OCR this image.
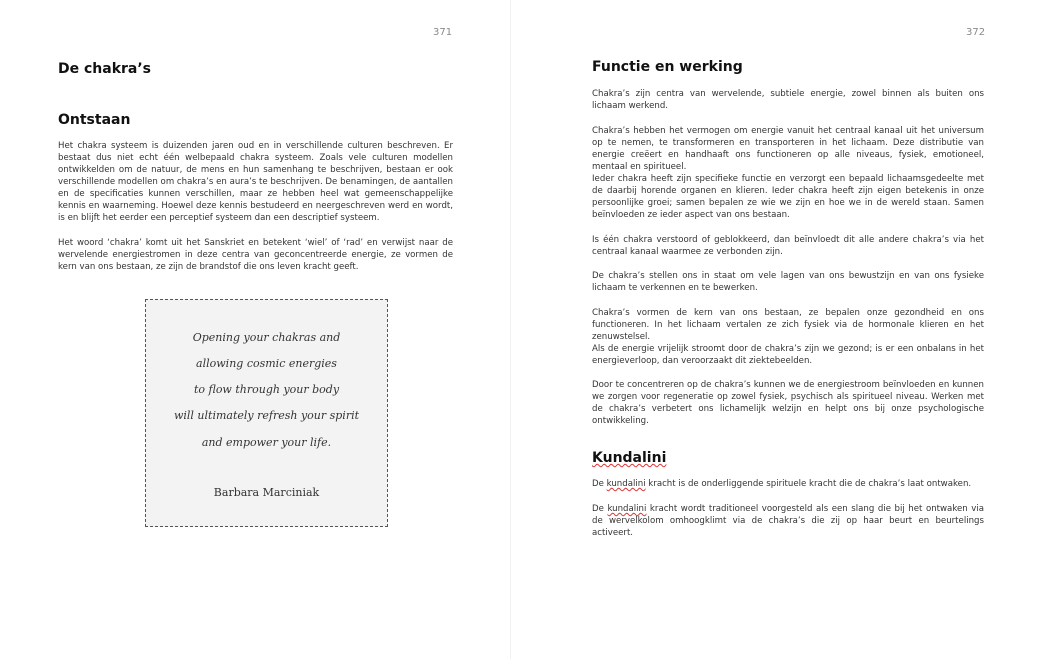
371
De chakra’s
Ontstaan

Het chakra systeem is duizenden jaren oud en in verschillende culturen beschreven. Er bestaat dus niet echt één welbepaald chakra systeem. Zoals vele culturen modellen ontwikkelden om de natuur, de mens en hun samenhang te beschrijven, bestaan er ook verschillende modellen om chakra’s en aura’s te beschrijven. De benamingen, de aantallen en de specificaties kunnen verschillen, maar ze hebben heel wat gemeenschappelijke kennis en waarneming. Hoewel deze kennis bestudeerd en neergeschreven werd en wordt, is en blijft het eerder een perceptief systeem dan een descriptief systeem.

Het woord ‘chakra’ komt uit het Sanskriet en betekent ‘wiel’ of ‘rad’ en verwijst naar de wervelende energiestromen in deze centra van geconcentreerde energie, ze vormen de kern van ons bestaan, ze zijn de brandstof die ons leven kracht geeft.

Opening your chakras and
allowing cosmic energies
to flow through your body
will ultimately refresh your spirit
and empower your life.
Barbara Marciniak
372
Functie en werking

Chakra’s zijn centra van wervelende, subtiele energie, zowel binnen als buiten ons lichaam werkend.

Chakra’s hebben het vermogen om energie vanuit het centraal kanaal uit het universum op te nemen, te transformeren en transporteren in het lichaam. Deze distributie van energie creëert en handhaaft ons functioneren op alle niveaus, fysiek, emotioneel, mentaal en spiritueel.

Ieder chakra heeft zijn specifieke functie en verzorgt een bepaald lichaamsgedeelte met de daarbij horende organen en klieren. Ieder chakra heeft zijn eigen betekenis in onze persoonlijke groei; samen bepalen ze wie we zijn en hoe we in de wereld staan. Samen beïnvloeden ze ieder aspect van ons bestaan.

Is één chakra verstoord of geblokkeerd, dan beïnvloedt dit alle andere chakra’s via het centraal kanaal waarmee ze verbonden zijn.

De chakra’s stellen ons in staat om vele lagen van ons bewustzijn en van ons fysieke lichaam te verkennen en te bewerken.

Chakra’s vormen de kern van ons bestaan, ze bepalen onze gezondheid en ons functioneren. In het lichaam vertalen ze zich fysiek via de hormonale klieren en het zenuwstelsel.

Als de energie vrijelijk stroomt door de chakra’s zijn we gezond; is er een onbalans in het energieverloop, dan veroorzaakt dit ziektebeelden.

Door te concentreren op de chakra’s kunnen we de energiestroom beïnvloeden en kunnen we zorgen voor regeneratie op zowel fysiek, psychisch als spiritueel niveau. Werken met de chakra’s verbetert ons lichamelijk welzijn en helpt ons bij onze psychologische ontwikkeling.

Kundalini

De kundalini kracht is de onderliggende spirituele kracht die de chakra’s laat ontwaken.

De kundalini kracht wordt traditioneel voorgesteld als een slang die bij het ontwaken via de wervelkolom omhoogklimt via de chakra’s die zij op haar beurt en beurtelings activeert.
